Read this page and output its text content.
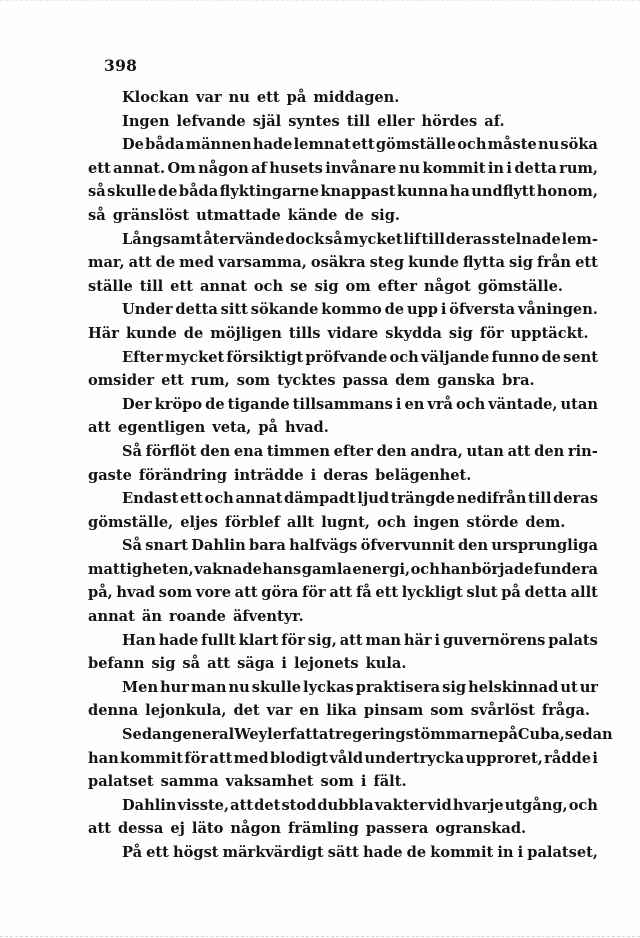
398
Klockan var nu ett på middagen.
Ingen lefvande själ syntes till eller hördes af.
De båda männen hade lemnat ett gömställe och måste nu söka
ett annat. Om någon af husets invånare nu kommit in i detta rum,
så skulle de båda flyktingarne knappast kunna ha undflytt honom,
så gränslöst utmattade kände de sig.
Långsamt återvände dock så mycket lif till deras stelnade lem-
mar, att de med varsamma, osäkra steg kunde flytta sig från ett
ställe till ett annat och se sig om efter något gömställe.
Under detta sitt sökande kommo de upp i öfversta våningen.
Här kunde de möjligen tills vidare skydda sig för upptäckt.
Efter mycket försiktigt pröfvande och väljande funno de sent
omsider ett rum, som tycktes passa dem ganska bra.
Der kröpo de tigande tillsammans i en vrå och väntade, utan
att egentligen veta, på hvad.
Så förflöt den ena timmen efter den andra, utan att den rin-
gaste förändring inträdde i deras belägenhet.
Endast ett och annat dämpadt ljud trängde nedifrån till deras
gömställe, eljes förblef allt lugnt, och ingen störde dem.
Så snart Dahlin bara halfvägs öfvervunnit den ursprungliga
mattigheten, vaknade hans gamla energi, och han började fundera
på, hvad som vore att göra för att få ett lyckligt slut på detta allt
annat än roande äfventyr.
Han hade fullt klart för sig, att man här i guvernörens palats
befann sig så att säga i lejonets kula.
Men hur man nu skulle lyckas praktisera sig helskinnad ut ur
denna lejonkula, det var en lika pinsam som svårlöst fråga.
Sedan general Weyler fattat regeringstömmarne på Cuba, sedan
han kommit för att med blodigt våld undertrycka upproret, rådde i
palatset samma vaksamhet som i fält.
Dahlin visste, att det stod dubbla vakter vid hvarje utgång, och
att dessa ej läto någon främling passera ogranskad.
På ett högst märkvärdigt sätt hade de kommit in i palatset,
